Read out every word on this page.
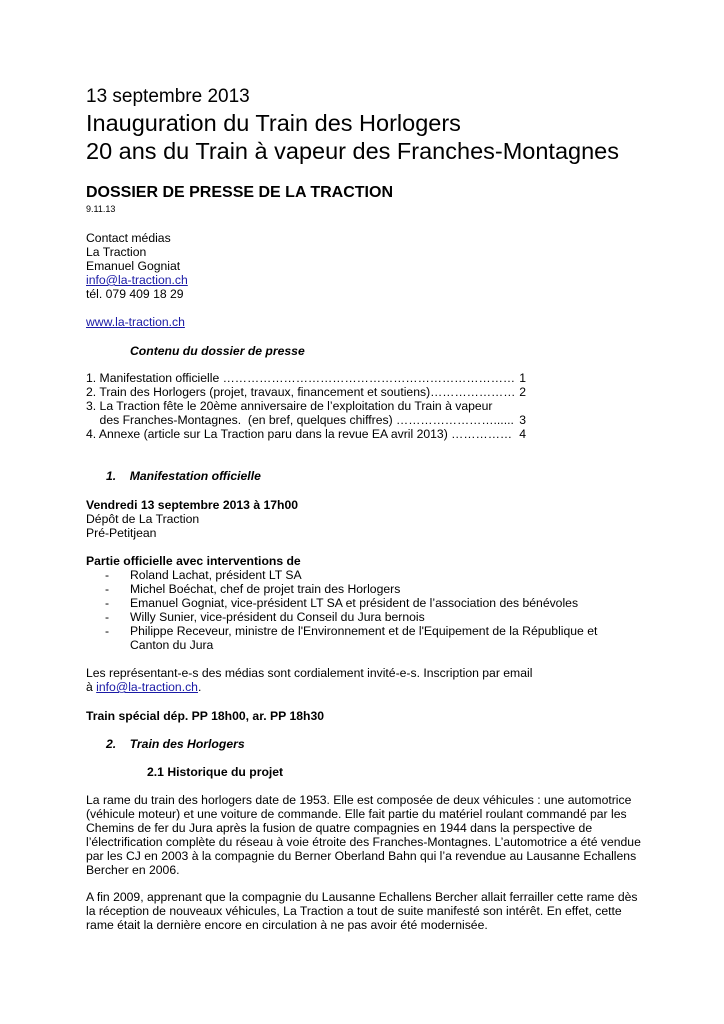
13 septembre 2013
Inauguration du Train des Horlogers
20 ans du Train à vapeur des Franches-Montagnes
DOSSIER DE PRESSE DE LA TRACTION
9.11.13
Contact médias
La Traction
Emanuel Gogniat
info@la-traction.ch
tél. 079 409 18 29
www.la-traction.ch
Contenu du dossier de presse
1. Manifestation officielle ……………………………………………………………… 1
2. Train des Horlogers (projet, travaux, financement et soutiens)………………… 2
3. La Traction fête le 20ème anniversaire de l’exploitation du Train à vapeur
des Franches-Montagnes.  (en bref, quelques chiffres) ……………………...... 3
4. Annexe (article sur La Traction paru dans la revue EA avril 2013) …………… 4
1.    Manifestation officielle
Vendredi 13 septembre 2013 à 17h00
Dépôt de La Traction
Pré-Petitjean
Partie officielle avec interventions de
- Roland Lachat, président LT SA
- Michel Boéchat, chef de projet train des Horlogers
- Emanuel Gogniat, vice-président LT SA et président de l’association des bénévoles
- Willy Sunier, vice-président du Conseil du Jura bernois
- Philippe Receveur, ministre de l'Environnement et de l'Equipement de la République et
Canton du Jura
Les représentant-e-s des médias sont cordialement invité-e-s. Inscription par email
à info@la-traction.ch.
Train spécial dép. PP 18h00, ar. PP 18h30
2.    Train des Horlogers
2.1 Historique du projet
La rame du train des horlogers date de 1953. Elle est composée de deux véhicules : une automotrice (véhicule moteur) et une voiture de commande. Elle fait partie du matériel roulant commandé par les Chemins de fer du Jura après la fusion de quatre compagnies en 1944 dans la perspective de l’électrification complète du réseau à voie étroite des Franches-Montagnes. L’automotrice a été vendue par les CJ en 2003 à la compagnie du Berner Oberland Bahn qui l’a revendue au Lausanne Echallens Bercher en 2006.
A fin 2009, apprenant que la compagnie du Lausanne Echallens Bercher allait ferrailler cette rame dès la réception de nouveaux véhicules, La Traction a tout de suite manifesté son intérêt. En effet, cette rame était la dernière encore en circulation à ne pas avoir été modernisée.
